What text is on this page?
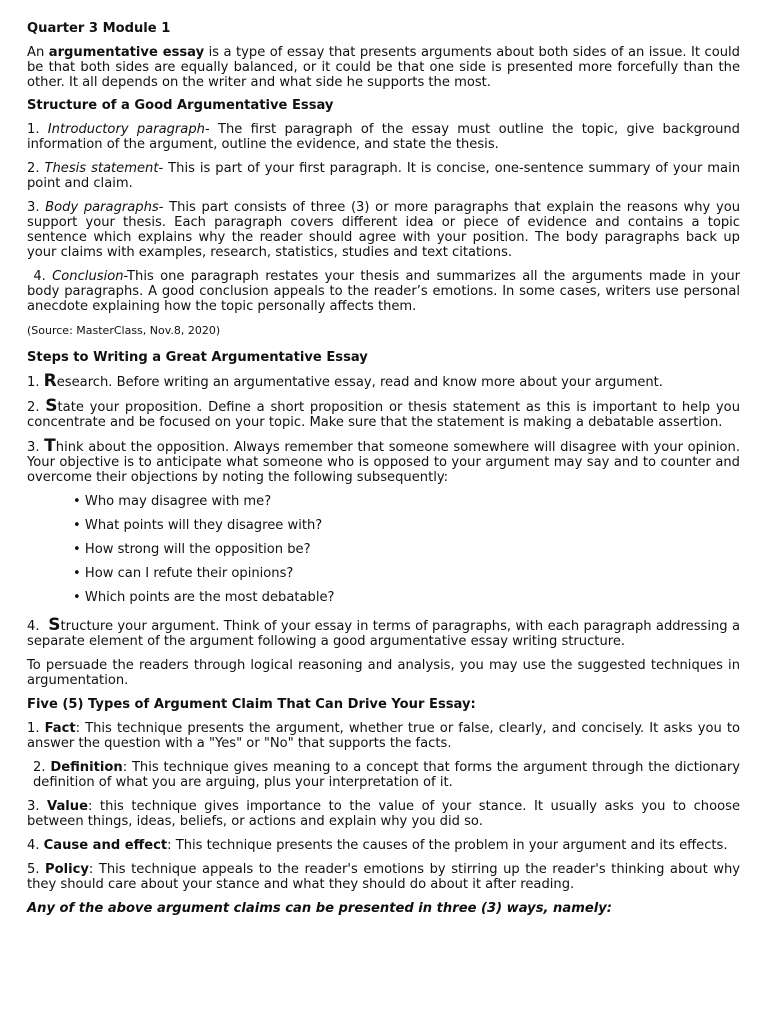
Quarter 3 Module 1

An argumentative essay is a type of essay that presents arguments about both sides of an issue. It could be that both sides are equally balanced, or it could be that one side is presented more forcefully than the other. It all depends on the writer and what side he supports the most.

Structure of a Good Argumentative Essay

1. Introductory paragraph- The first paragraph of the essay must outline the topic, give background information of the argument, outline the evidence, and state the thesis.

2. Thesis statement- This is part of your first paragraph. It is concise, one-sentence summary of your main point and claim.

3. Body paragraphs- This part consists of three (3) or more paragraphs that explain the reasons why you support your thesis. Each paragraph covers different idea or piece of evidence and contains a topic sentence which explains why the reader should agree with your position. The body paragraphs back up your claims with examples, research, statistics, studies and text citations.

4. Conclusion-This one paragraph restates your thesis and summarizes all the arguments made in your body paragraphs. A good conclusion appeals to the reader’s emotions. In some cases, writers use personal anecdote explaining how the topic personally affects them.

(Source: MasterClass, Nov.8, 2020)

Steps to Writing a Great Argumentative Essay

1. Research. Before writing an argumentative essay, read and know more about your argument.

2. State your proposition. Define a short proposition or thesis statement as this is important to help you concentrate and be focused on your topic. Make sure that the statement is making a debatable assertion.

3. Think about the opposition. Always remember that someone somewhere will disagree with your opinion. Your objective is to anticipate what someone who is opposed to your argument may say and to counter and overcome their objections by noting the following subsequently:

• Who may disagree with me?
• What points will they disagree with?
• How strong will the opposition be?
• How can I refute their opinions?
• Which points are the most debatable?

4.  Structure your argument. Think of your essay in terms of paragraphs, with each paragraph addressing a separate element of the argument following a good argumentative essay writing structure.

To persuade the readers through logical reasoning and analysis, you may use the suggested techniques in argumentation.

Five (5) Types of Argument Claim That Can Drive Your Essay:

1. Fact: This technique presents the argument, whether true or false, clearly, and concisely. It asks you to answer the question with a "Yes" or "No" that supports the facts.

2. Definition: This technique gives meaning to a concept that forms the argument through the dictionary definition of what you are arguing, plus your interpretation of it.

3. Value: this technique gives importance to the value of your stance. It usually asks you to choose between things, ideas, beliefs, or actions and explain why you did so.

4. Cause and effect: This technique presents the causes of the problem in your argument and its effects.

5. Policy: This technique appeals to the reader's emotions by stirring up the reader's thinking about why they should care about your stance and what they should do about it after reading.

Any of the above argument claims can be presented in three (3) ways, namely:
